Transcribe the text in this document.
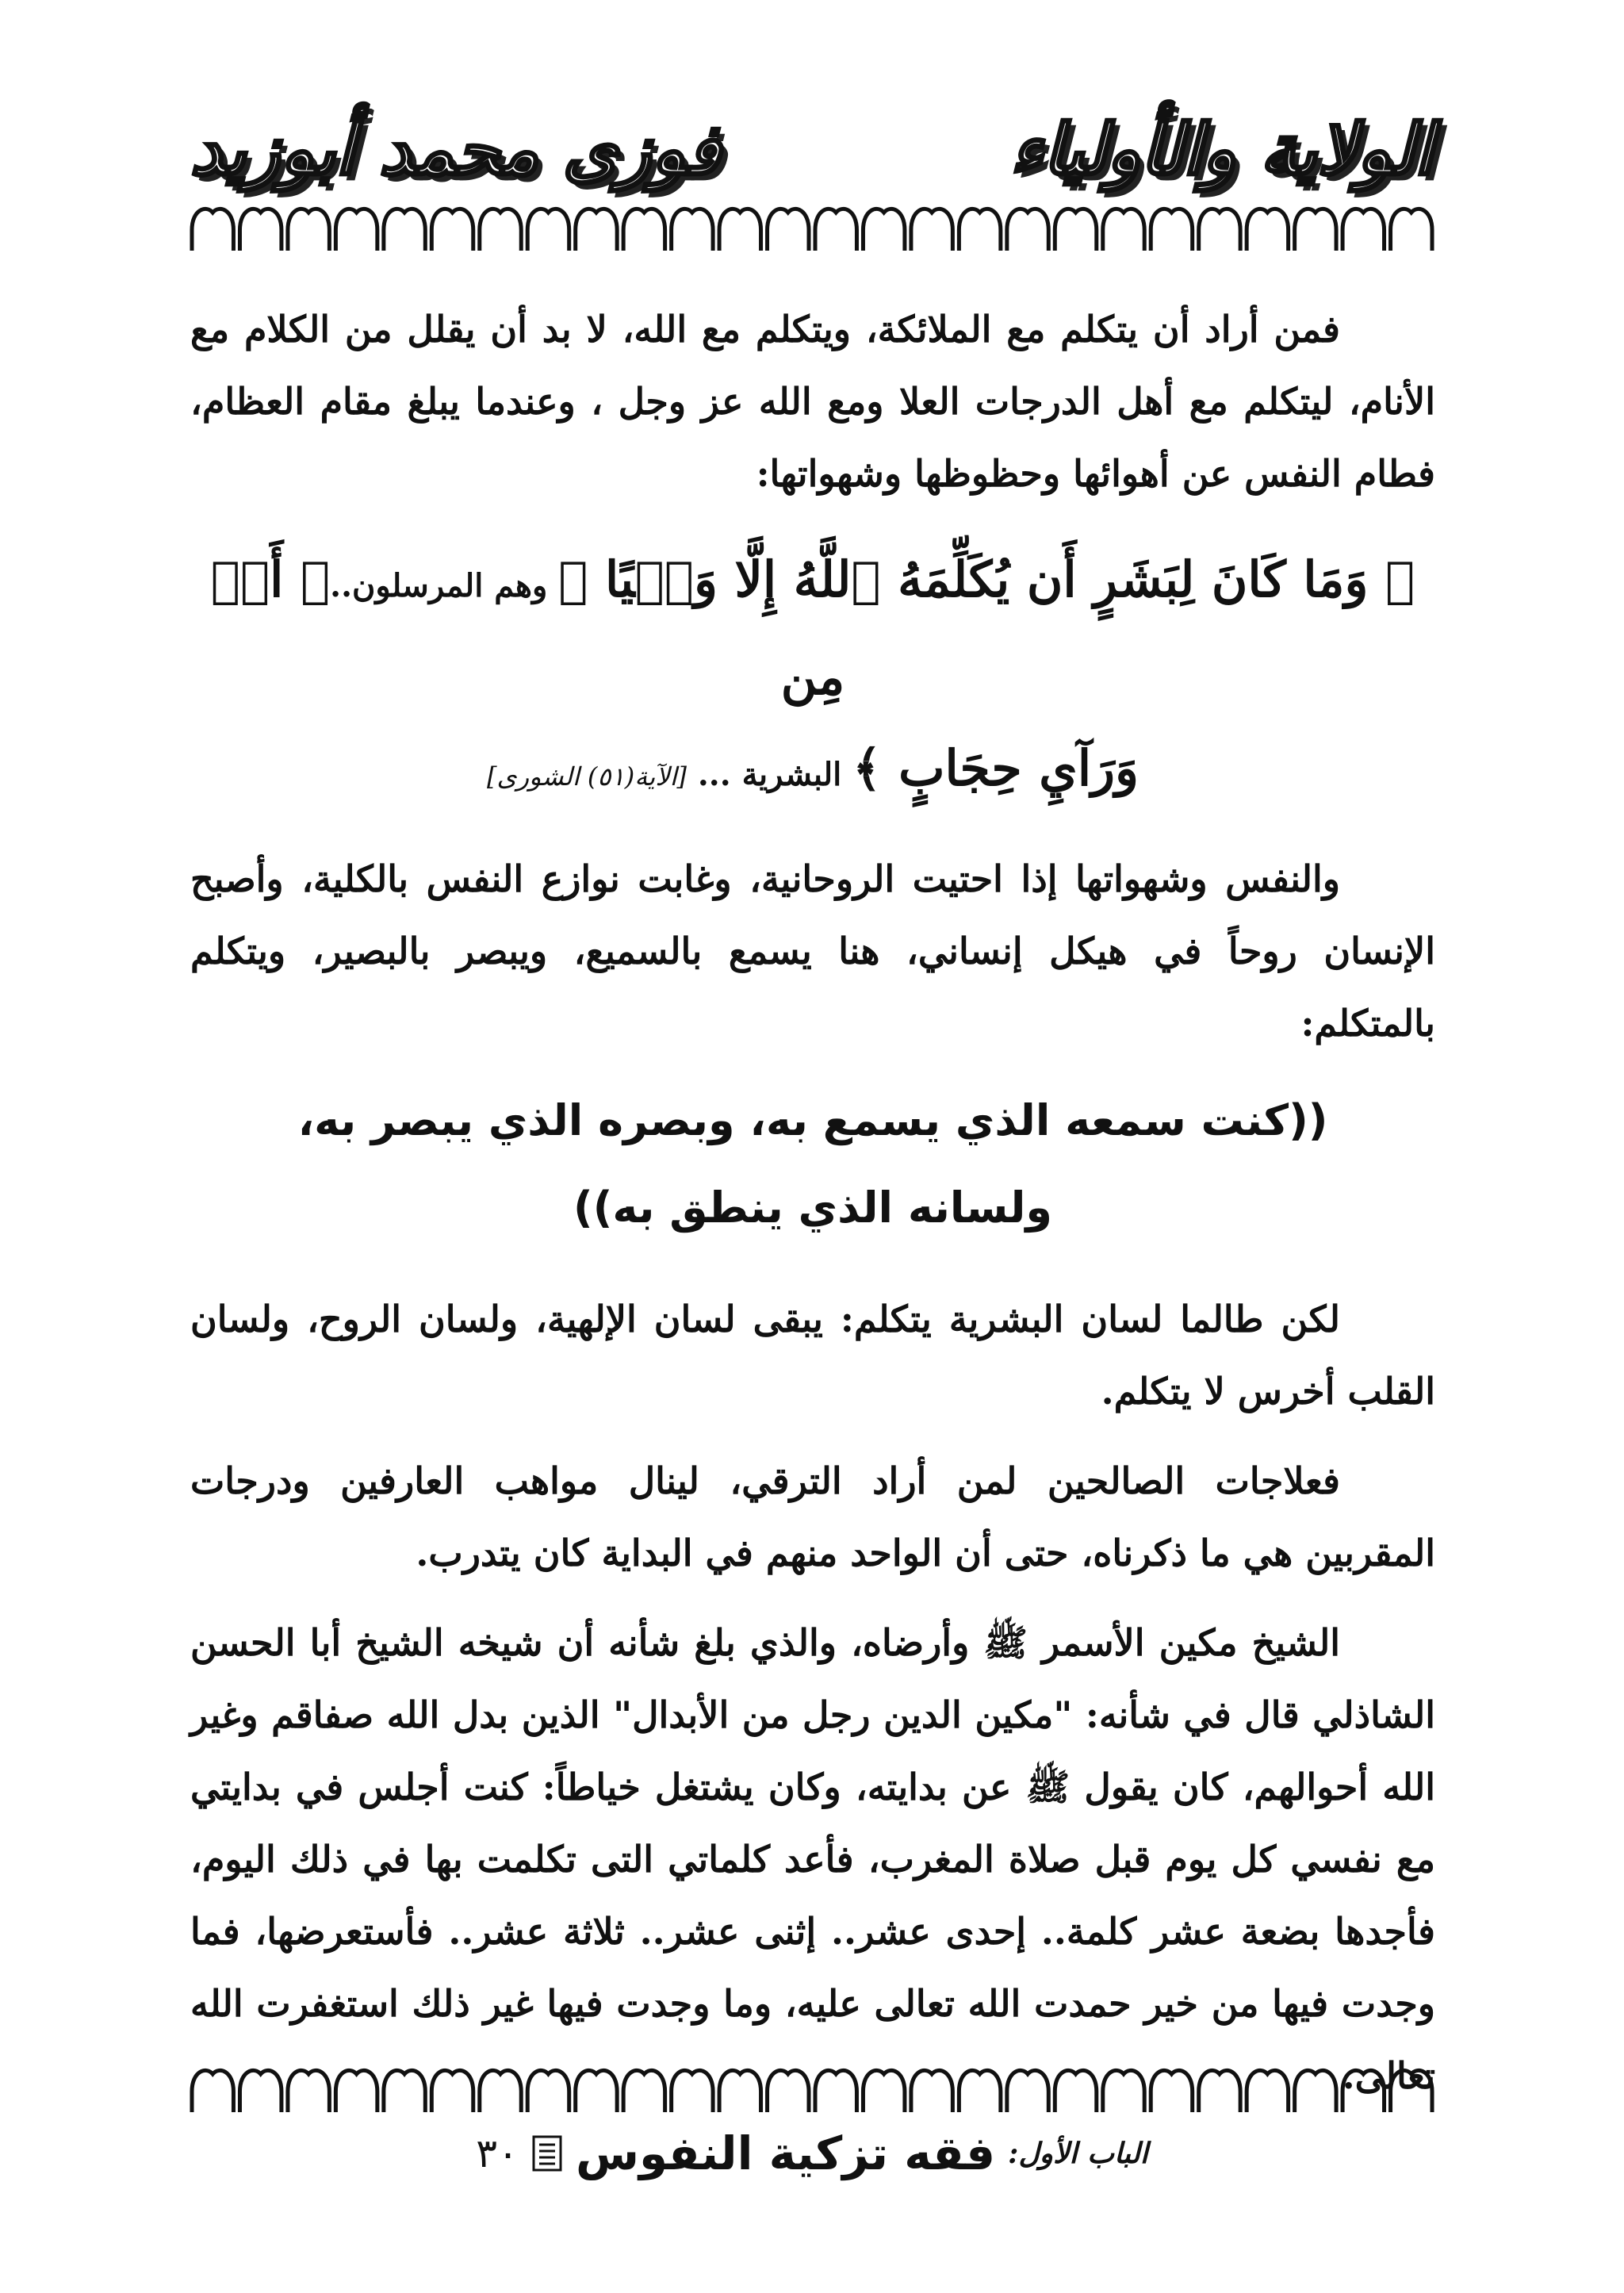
الولاية والأولياء
فوزى محمد أبوزيد

فمن أراد أن يتكلم مع الملائكة، ويتكلم مع الله، لا بد أن يقلل من الكلام مع الأنام، ليتكلم مع أهل الدرجات العلا ومع الله عز وجل ، وعندما يبلغ مقام العظام، فطام النفس عن أهوائها وحظوظها وشهواتها:

﴿ وَمَا كَانَ لِبَشَرٍ أَن يُكَلِّمَهُ ٱللَّهُ إِلَّا وَحۡيًا ﴾ وهم المرسلون..﴿ أَوۡ مِن
وَرَآيِ حِجَابٍ ﴾ البشرية ... [الآية(٥١) الشورى]

والنفس وشهواتها إذا احتيت الروحانية، وغابت نوازع النفس بالكلية، وأصبح الإنسان روحاً في هيكل إنساني، هنا يسمع بالسميع، ويبصر بالبصير، ويتكلم بالمتكلم:

((كنت سمعه الذي يسمع به، وبصره الذي يبصر به، ولسانه الذي ينطق به))

لكن طالما لسان البشرية يتكلم: يبقى لسان الإلهية، ولسان الروح، ولسان القلب أخرس لا يتكلم.

فعلاجات الصالحين لمن أراد الترقي، لينال مواهب العارفين ودرجات المقربين هي ما ذكرناه، حتى أن الواحد منهم في البداية كان يتدرب.

الشيخ مكين الأسمر ﷺ وأرضاه، والذي بلغ شأنه أن شيخه الشيخ أبا الحسن الشاذلي قال في شأنه: "مكين الدين رجل من الأبدال" الذين بدل الله صفاقم وغير الله أحوالهم، كان يقول ﷺ عن بدايته، وكان يشتغل خياطاً: كنت أجلس في بدايتي مع نفسي كل يوم قبل صلاة المغرب، فأعد كلماتي التى تكلمت بها في ذلك اليوم، فأجدها بضعة عشر كلمة.. إحدى عشر.. إثنى عشر.. ثلاثة عشر.. فأستعرضها، فما وجدت فيها من خير حمدت الله تعالى عليه، وما وجدت فيها غير ذلك استغفرت الله تعالى.

الباب الأول:
فقه تزكية النفوس
٣٠
